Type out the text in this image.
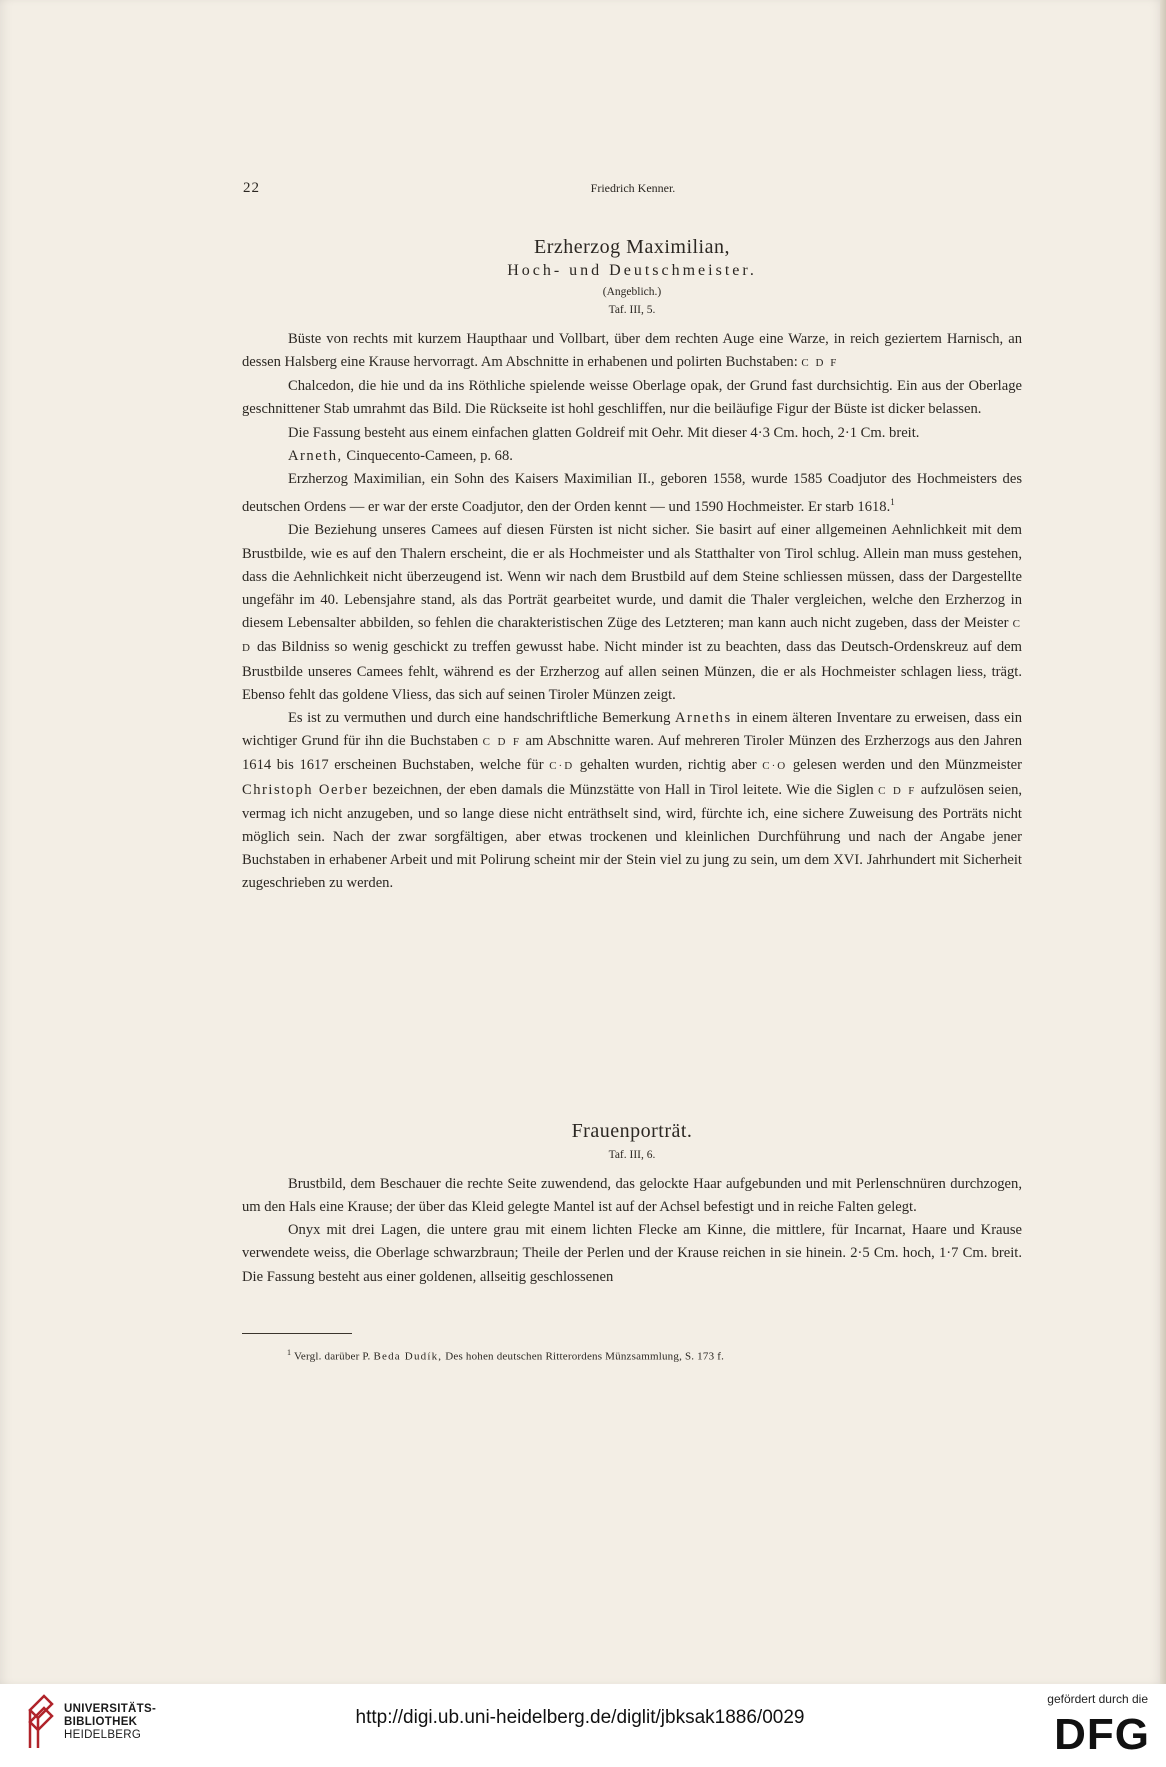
22	Friedrich Kenner.
Erzherzog Maximilian,
Hoch- und Deutschmeister.
(Angeblich.)
Taf. III, 5.

Büste von rechts mit kurzem Haupthaar und Vollbart, über dem rechten Auge eine Warze, in reich geziertem Harnisch, an dessen Halsberg eine Krause hervorragt. Am Abschnitte in erhabenen und polirten Buchstaben: C D F

Chalcedon, die hie und da ins Röthliche spielende weisse Oberlage opak, der Grund fast durchsichtig. Ein aus der Oberlage geschnittener Stab umrahmt das Bild. Die Rückseite ist hohl geschliffen, nur die beiläufige Figur der Büste ist dicker belassen.

Die Fassung besteht aus einem einfachen glatten Goldreif mit Oehr. Mit dieser 4·3 Cm. hoch, 2·1 Cm. breit.

Arneth, Cinquecento-Cameen, p. 68.

Erzherzog Maximilian, ein Sohn des Kaisers Maximilian II., geboren 1558, wurde 1585 Coadjutor des Hochmeisters des deutschen Ordens — er war der erste Coadjutor, den der Orden kennt — und 1590 Hochmeister. Er starb 1618.$^1$

Die Beziehung unseres Camees auf diesen Fürsten ist nicht sicher. Sie basirt auf einer allgemeinen Aehnlichkeit mit dem Brustbilde, wie es auf den Thalern erscheint, die er als Hochmeister und als Statthalter von Tirol schlug. Allein man muss gestehen, dass die Aehnlichkeit nicht überzeugend ist. Wenn wir nach dem Brustbild auf dem Steine schliessen müssen, dass der Dargestellte ungefähr im 40. Lebensjahre stand, als das Porträt gearbeitet wurde, und damit die Thaler vergleichen, welche den Erzherzog in diesem Lebensalter abbilden, so fehlen die charakteristischen Züge des Letzteren; man kann auch nicht zugeben, dass der Meister C D das Bildniss so wenig geschickt zu treffen gewusst habe. Nicht minder ist zu beachten, dass das Deutsch-Ordenskreuz auf dem Brustbilde unseres Camees fehlt, während es der Erzherzog auf allen seinen Münzen, die er als Hochmeister schlagen liess, trägt. Ebenso fehlt das goldene Vliess, das sich auf seinen Tiroler Münzen zeigt.

Es ist zu vermuthen und durch eine handschriftliche Bemerkung Arneths in einem älteren Inventare zu erweisen, dass ein wichtiger Grund für ihn die Buchstaben C D F am Abschnitte waren. Auf mehreren Tiroler Münzen des Erzherzogs aus den Jahren 1614 bis 1617 erscheinen Buchstaben, welche für C·D gehalten wurden, richtig aber C·O gelesen werden und den Münzmeister Christoph Oerber bezeichnen, der eben damals die Münzstätte von Hall in Tirol leitete. Wie die Siglen C D F aufzulösen seien, vermag ich nicht anzugeben, und so lange diese nicht enträthselt sind, wird, fürchte ich, eine sichere Zuweisung des Porträts nicht möglich sein. Nach der zwar sorgfältigen, aber etwas trockenen und kleinlichen Durchführung und nach der Angabe jener Buchstaben in erhabener Arbeit und mit Polirung scheint mir der Stein viel zu jung zu sein, um dem XVI. Jahrhundert mit Sicherheit zugeschrieben zu werden.

Frauenporträt.
Taf. III, 6.

Brustbild, dem Beschauer die rechte Seite zuwendend, das gelockte Haar aufgebunden und mit Perlenschnüren durchzogen, um den Hals eine Krause; der über das Kleid gelegte Mantel ist auf der Achsel befestigt und in reiche Falten gelegt.

Onyx mit drei Lagen, die untere grau mit einem lichten Flecke am Kinne, die mittlere, für Incarnat, Haare und Krause verwendete weiss, die Oberlage schwarzbraun; Theile der Perlen und der Krause reichen in sie hinein. 2·5 Cm. hoch, 1·7 Cm. breit. Die Fassung besteht aus einer goldenen, allseitig geschlossenen

$^1$ Vergl. darüber P. Beda Dudík, Des hohen deutschen Ritterordens Münzsammlung, S. 173 f.
UNIVERSITÄTS-
BIBLIOTHEK
HEIDELBERG
http://digi.ub.uni-heidelberg.de/diglit/jbksak1886/0029
gefördert durch die
DFG
